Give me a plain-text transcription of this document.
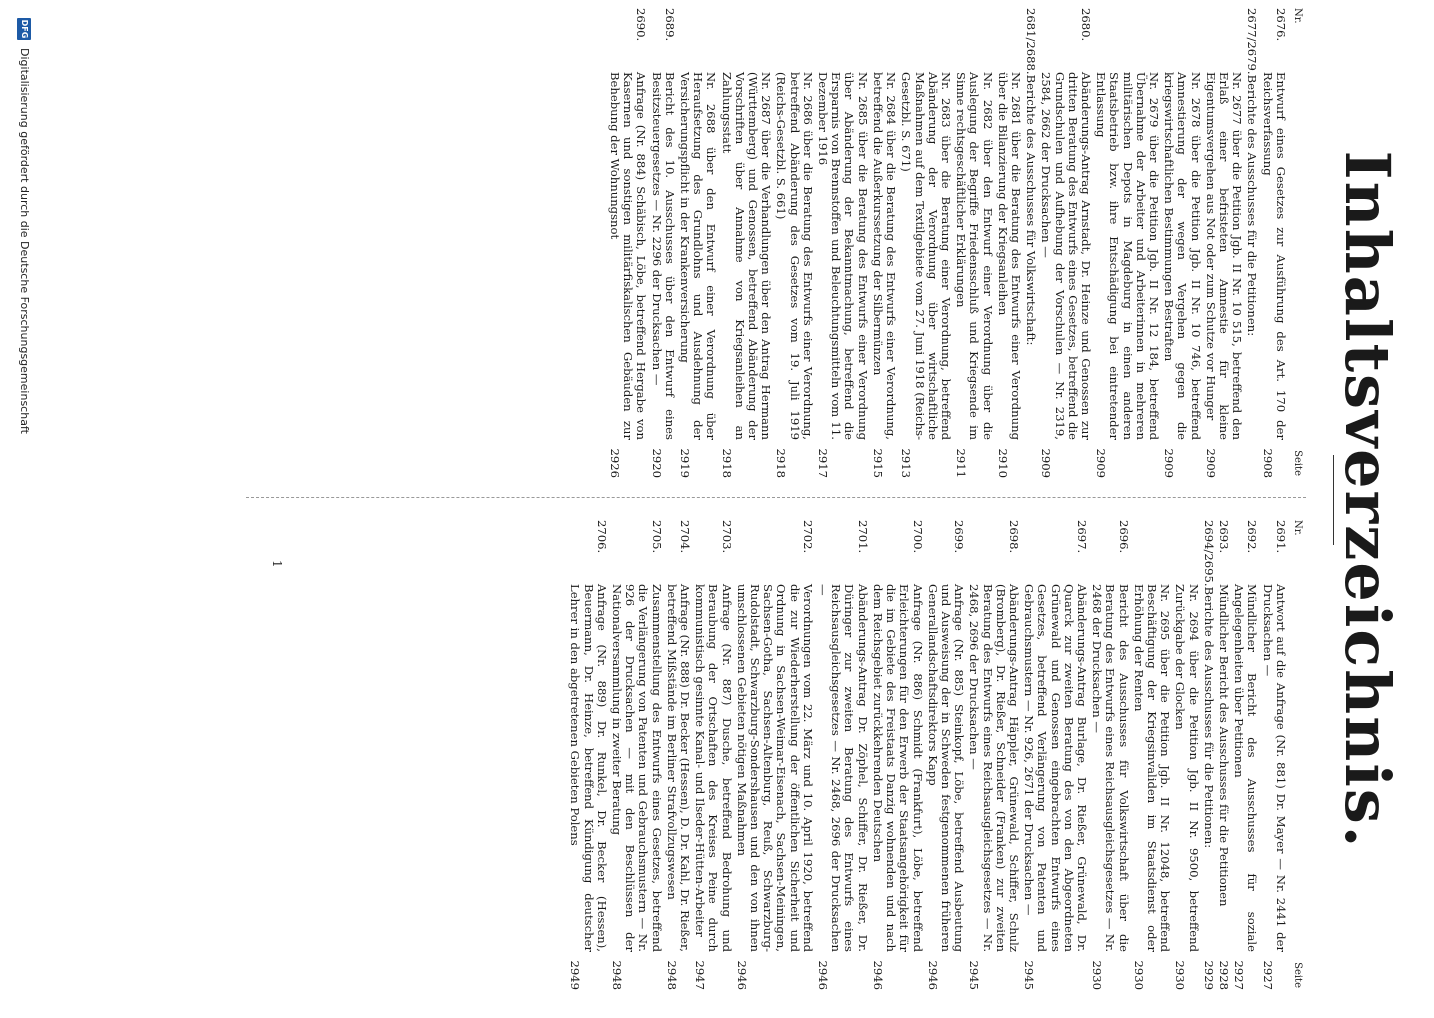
Inhaltsverzeichnis.
Nr.
Seite
2676.
Entwurf eines Gesetzes zur Ausführung des Art. 170 der Reichsverfassung
2908
2677/2679.
Berichte des Ausschusses für die Petitionen:
Nr. 2677 über die Petition Jgb. II Nr. 10 515, betreffend den Erlaß einer befristeten Amnestie für kleine Eigentumsvergehen aus Not oder zum Schutze vor Hunger
2909
Nr. 2678 über die Petition Jgb. II Nr. 10 746, betreffend Amnestierung der wegen Vergehen gegen die kriegswirtschaftlichen Bestimmungen Bestraften
2909
Nr. 2679 über die Petition Jgb. II Nr. 12 184, betreffend Übernahme der Arbeiter und Arbeiterinnen in mehreren militärischen Depots in Magdeburg in einen anderen Staatsbetrieb bzw. ihre Entschädigung bei eintretender Entlassung
2909
2680.
Abänderungs-Antrag Arnstadt, Dr. Heinze und Genossen zur dritten Beratung des Entwurfs eines Gesetzes, betreffend die Grundschulen und Aufhebung der Vorschulen — Nr. 2319, 2584, 2662 der Drucksachen —
2909
2681/2688.
Berichte des Ausschusses für Volkswirtschaft:
Nr. 2681 über die Beratung des Entwurfs einer Verordnung über die Bilanzierung der Kriegsanleihen
2910
Nr. 2682 über den Entwurf einer Verordnung über die Auslegung der Begriffe Friedensschluß und Kriegsende im Sinne rechtsgeschäftlicher Erklärungen
2911
Nr. 2683 über die Beratung einer Verordnung, betreffend Abänderung der Verordnung über wirtschaftliche Maßnahmen auf dem Textilgebiete vom 27. Juni 1918 (Reichs-Gesetzbl. S. 671)
2913
Nr. 2684 über die Beratung des Entwurfs einer Verordnung, betreffend die Außerkurssetzung der Silbermünzen
2915
Nr. 2685 über die Beratung des Entwurfs einer Verordnung über Abänderung der Bekanntmachung, betreffend die Ersparnis von Brennstoffen und Beleuchtungsmitteln vom 11. Dezember 1916
2917
Nr. 2686 über die Beratung des Entwurfs einer Verordnung, betreffend Abänderung des Gesetzes vom 19. Juli 1919 (Reichs-Gesetzbl. S. 661)
2918
Nr. 2687 über die Verhandlungen über den Antrag Hermann (Württemberg) und Genossen, betreffend Abänderung der Vorschriften über Annahme von Kriegsanleihen an Zahlungsstatt
2918
Nr. 2688 über den Entwurf einer Verordnung über Heraufsetzung des Grundlohns und Ausdehnung der Versicherungspflicht in der Krankenversicherung
2919
2689.
Bericht des 10. Ausschusses über den Entwurf eines Besitzsteuergesetzes — Nr. 2296 der Drucksachen —
2920
2690.
Anfrage (Nr. 884) Schäbisch, Löbe, betreffend Hergabe von Kasernen und sonstigen militärfiskalischen Gebäuden zur Behebung der Wohnungsnot
2926
Nr.
Seite
2691.
Antwort auf die Anfrage (Nr. 881) Dr. Mayer — Nr. 2441 der Drucksachen —
2927
2692.
Mündlicher Bericht des Ausschusses für soziale Angelegenheiten über Petitionen
2927
2693.
Mündlicher Bericht des Ausschusses für die Petitionen
2928
2694/2695.
Berichte des Ausschusses für die Petitionen:
2929
Nr. 2694 über die Petition Jgb. II Nr. 9500, betreffend Zurückgabe der Glocken
2930
Nr. 2695 über die Petition Jgb. II Nr. 12048, betreffend Beschäftigung der Kriegsinvaliden im Staatsdienst oder Erhöhung der Renten
2930
2696.
Bericht des Ausschusses für Volkswirtschaft über die Beratung des Entwurfs eines Reichsausgleichsgesetzes — Nr. 2468 der Drucksachen —
2930
2697.
Abänderungs-Antrag Burlage, Dr. Rießer, Grünewald, Dr. Quarck zur zweiten Beratung des von den Abgeordneten Grünewald und Genossen eingebrachten Entwurfs eines Gesetzes, betreffend Verlängerung von Patenten und Gebrauchsmustern — Nr. 926, 2671 der Drucksachen —
2945
2698.
Abänderungs-Antrag Häppler, Grünewald, Schiffer, Schulz (Bromberg), Dr. Rießer, Schneider (Franken) zur zweiten Beratung des Entwurfs eines Reichsausgleichsgesetzes — Nr. 2468, 2696 der Drucksachen —
2945
2699.
Anfrage (Nr. 885) Steinkopf, Löbe, betreffend Ausbeutung und Ausweisung der in Schweden festgenommenen früheren Generallandschaftsdirektors Kapp
2946
2700.
Anfrage (Nr. 886) Schmidt (Frankfurt), Löbe, betreffend Erleichterungen für den Erwerb der Staatsangehörigkeit für die im Gebiete des Freistaats Danzig wohnenden und nach dem Reichsgebiet zurückkehrenden Deutschen
2946
2701.
Abänderungs-Antrag Dr. Zöphel, Schiffer, Dr. Rießer, Dr. Düringer zur zweiten Beratung des Entwurfs eines Reichsausgleichsgesetzes — Nr. 2468, 2696 der Drucksachen —
2946
2702.
Verordnungen vom 22. März und 10. April 1920, betreffend die zur Wiederherstellung der öffentlichen Sicherheit und Ordnung in Sachsen-Weimar-Eisenach, Sachsen-Meiningen, Sachsen-Gotha, Sachsen-Altenburg, Reuß, Schwarzburg-Rudolstadt, Schwarzburg-Sondershausen und den von ihnen umschlossenen Gebieten nötigen Maßnahmen
2946
2703.
Anfrage (Nr. 887) Dusche, betreffend Bedrohung und Beraubung der Ortschaften des Kreises Peine durch kommunistisch gesinnte Kanal- und Ilseder-Hütten-Arbeiter
2947
2704.
Anfrage (Nr. 888) Dr. Becker (Hessen), D. Dr. Kahl, Dr. Rießer, betreffend Mißstände im Berliner Strafvollzugswesen
2948
2705.
Zusammenstellung des Entwurfs eines Gesetzes, betreffend die Verlängerung von Patenten und Gebrauchsmustern — Nr. 926 der Drucksachen — mit den Beschlüssen der Nationalversammlung in zweiter Beratung
2948
2706.
Anfrage (Nr. 889) Dr. Runkel, Dr. Becker (Hessen), Beuermann, Dr. Heinze, betreffend Kündigung deutscher Lehrer in den abgetretenen Gebieten Polens
2949
1
DFG
Digitalisierung gefördert durch die Deutsche Forschungsgemeinschaft
